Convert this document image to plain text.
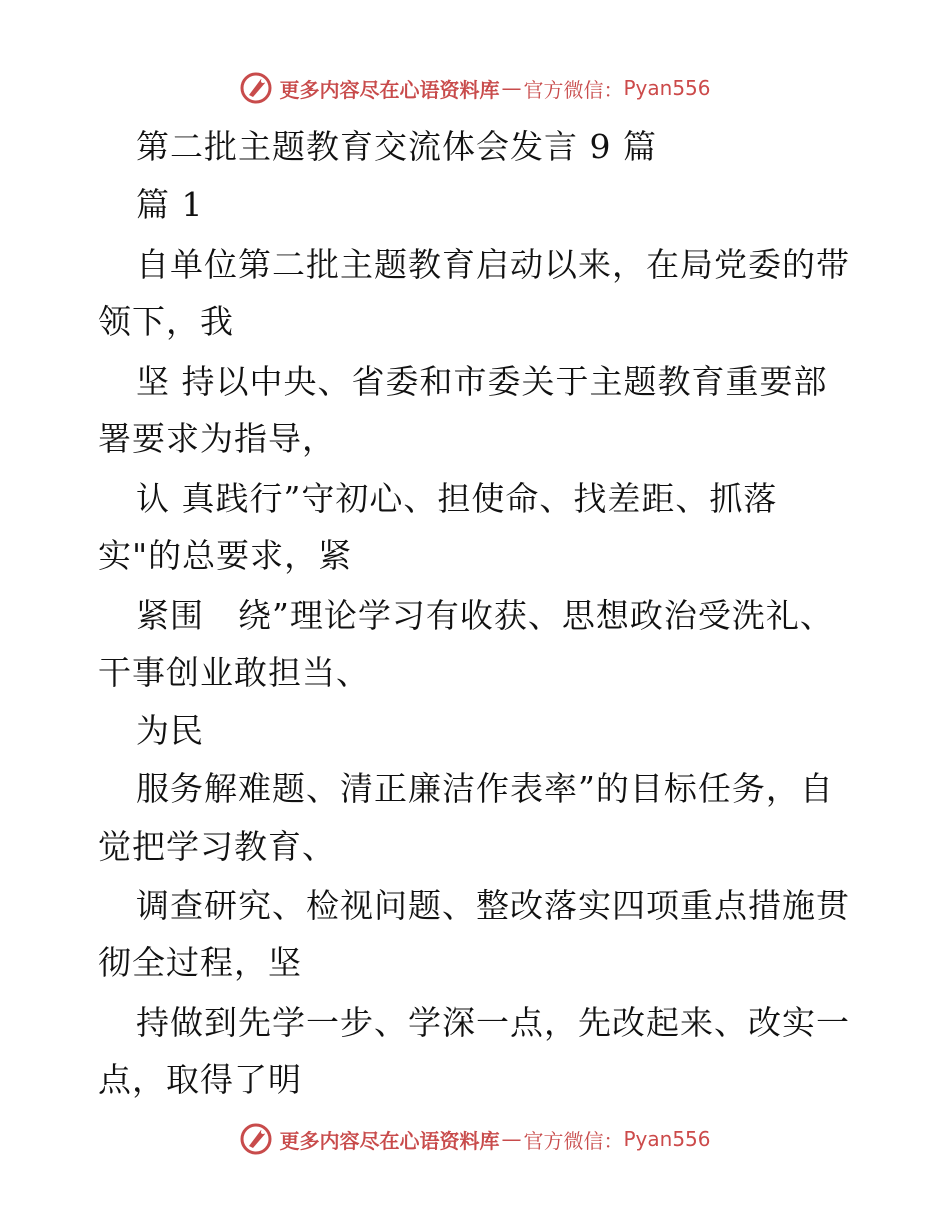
更多内容尽在心语资料库 — 官方微信： Pyan556
第二批主题教育交流体会发言 9 篇
篇 1
自单位第二批主题教育启动以来，在局党委的带
领下，我
坚 持以中央、省委和市委关于主题教育重要部
署要求为指导，
认 真践行”守初心、担使命、找差距、抓落
实"的总要求，紧
紧围　绕”理论学习有收获、思想政治受洗礼、
干事创业敢担当、
为民
服务解难题、清正廉洁作表率”的目标任务，自
觉把学习教育、
调查研究、检视问题、整改落实四项重点措施贯
彻全过程，坚
持做到先学一步、学深一点，先改起来、改实一
点，取得了明
更多内容尽在心语资料库 — 官方微信： Pyan556
